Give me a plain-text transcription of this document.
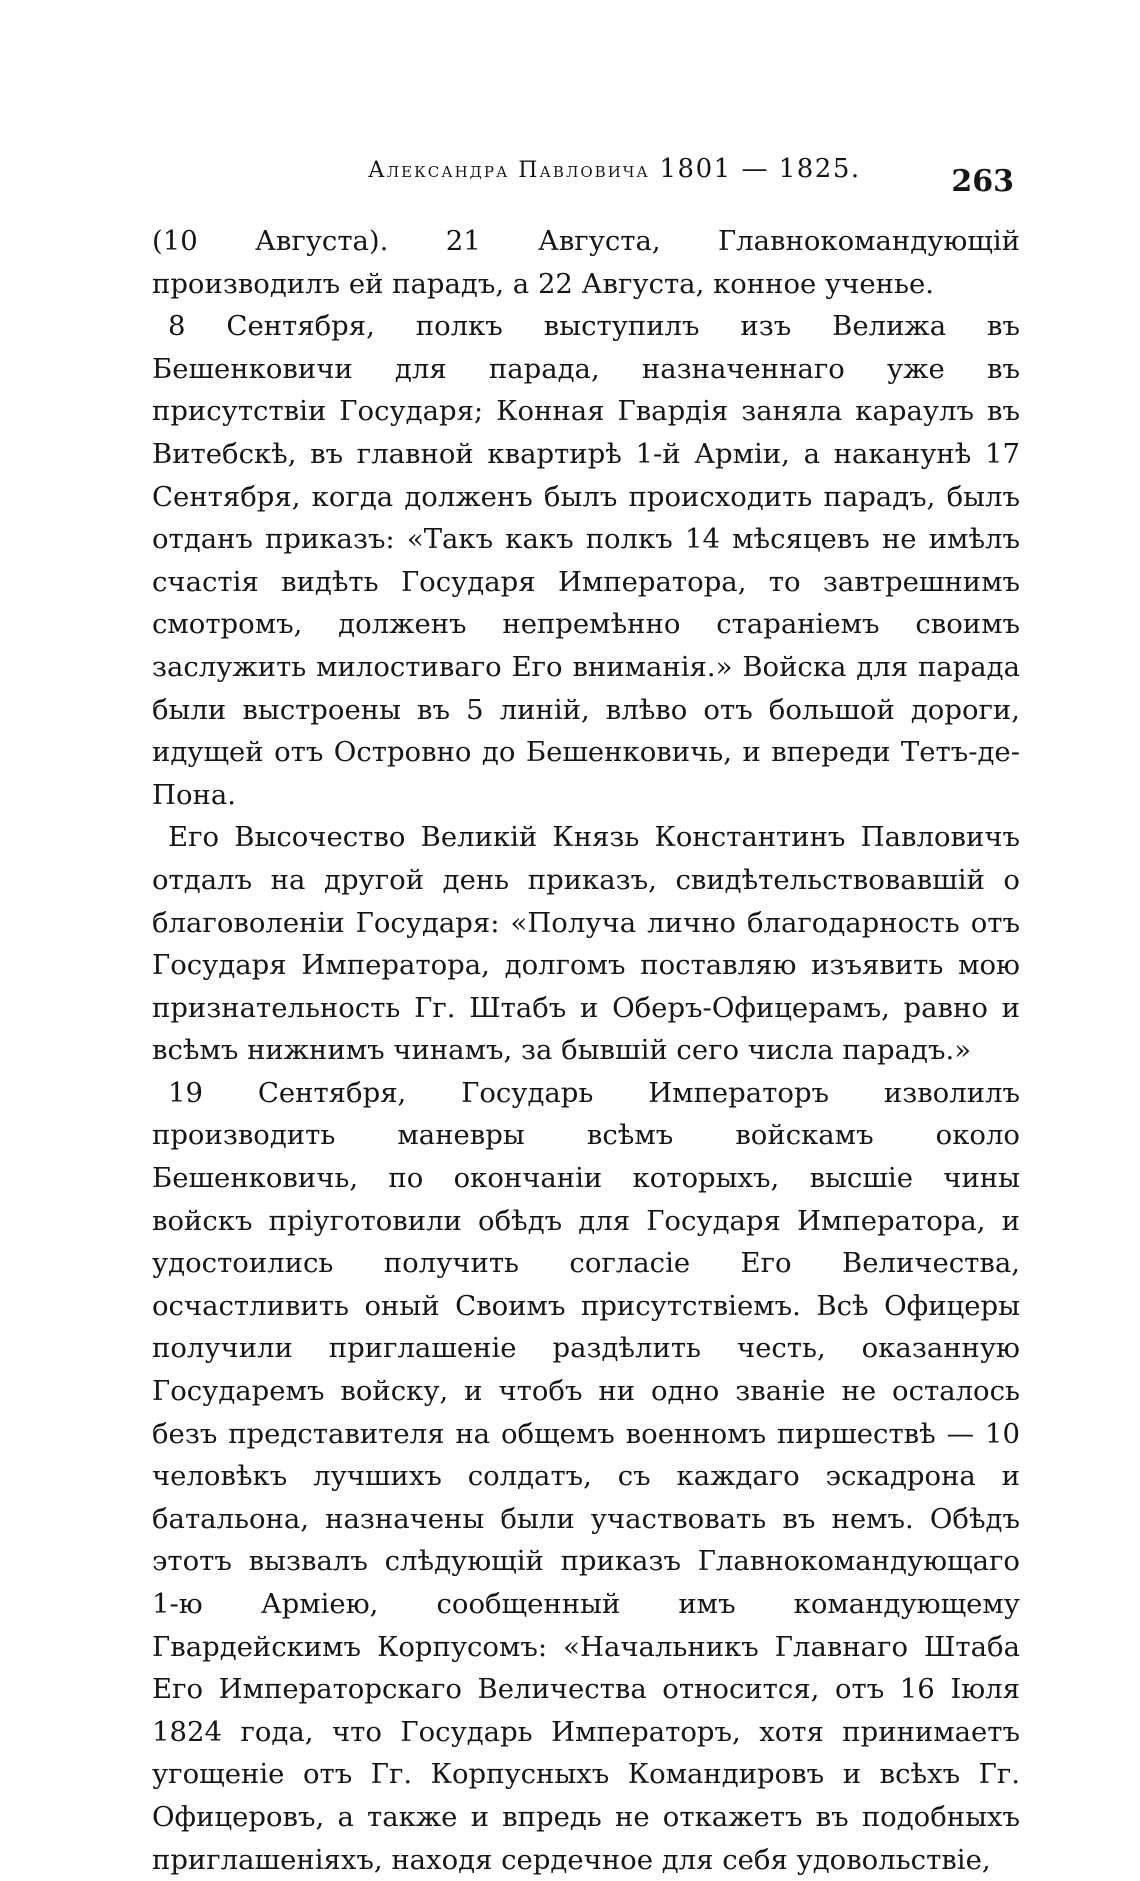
Александра Павловича 1801 — 1825.	263

(10 Августа). 21 Августа, Главнокомандующій производилъ ей парадъ, а 22 Августа, конное ученье.

8 Сентября, полкъ выступилъ изъ Велижа въ Бешенковичи для парада, назначеннаго уже въ присутствіи Государя; Конная Гвардія заняла караулъ въ Витебскѣ, въ главной квартирѣ 1-й Арміи, а наканунѣ 17 Сентября, когда долженъ былъ происходить парадъ, былъ отданъ приказъ: «Такъ какъ полкъ 14 мѣсяцевъ не имѣлъ счастія видѣть Государя Императора, то завтрешнимъ смотромъ, долженъ непремѣнно стараніемъ своимъ заслужить милостиваго Его вниманія.» Войска для парада были выстроены въ 5 линій, влѣво отъ большой дороги, идущей отъ Островно до Бешенковичь, и впереди Тетъ-де-Пона.

Его Высочество Великій Князь Константинъ Павловичъ отдалъ на другой день приказъ, свидѣтельствовавшій о благоволеніи Государя: «Получа лично благодарность отъ Государя Императора, долгомъ поставляю изъявить мою признательность Гг. Штабъ и Оберъ-Офицерамъ, равно и всѣмъ нижнимъ чинамъ, за бывшій сего числа парадъ.»

19 Сентября, Государь Императоръ изволилъ производить маневры всѣмъ войскамъ около Бешенковичь, по окончаніи которыхъ, высшіе чины войскъ пріуготовили обѣдъ для Государя Императора, и удостоились получить согласіе Его Величества, осчастливить оный Своимъ присутствіемъ. Всѣ Офицеры получили приглашеніе раздѣлить честь, оказанную Государемъ войску, и чтобъ ни одно званіе не осталось безъ представителя на общемъ военномъ пиршествѣ — 10 человѣкъ лучшихъ солдатъ, съ каждаго эскадрона и батальона, назначены были участвовать въ немъ. Обѣдъ этотъ вызвалъ слѣдующій приказъ Главнокомандующаго 1-ю Арміею, сообщенный имъ командующему Гвардейскимъ Корпусомъ: «Начальникъ Главнаго Штаба Его Императорскаго Величества относится, отъ 16 Іюля 1824 года, что Государь Императоръ, хотя принимаетъ угощеніе отъ Гг. Корпусныхъ Командировъ и всѣхъ Гг. Офицеровъ, а также и впредь не откажетъ въ подобныхъ приглашеніяхъ, находя сердечное для себя удовольствіе,
